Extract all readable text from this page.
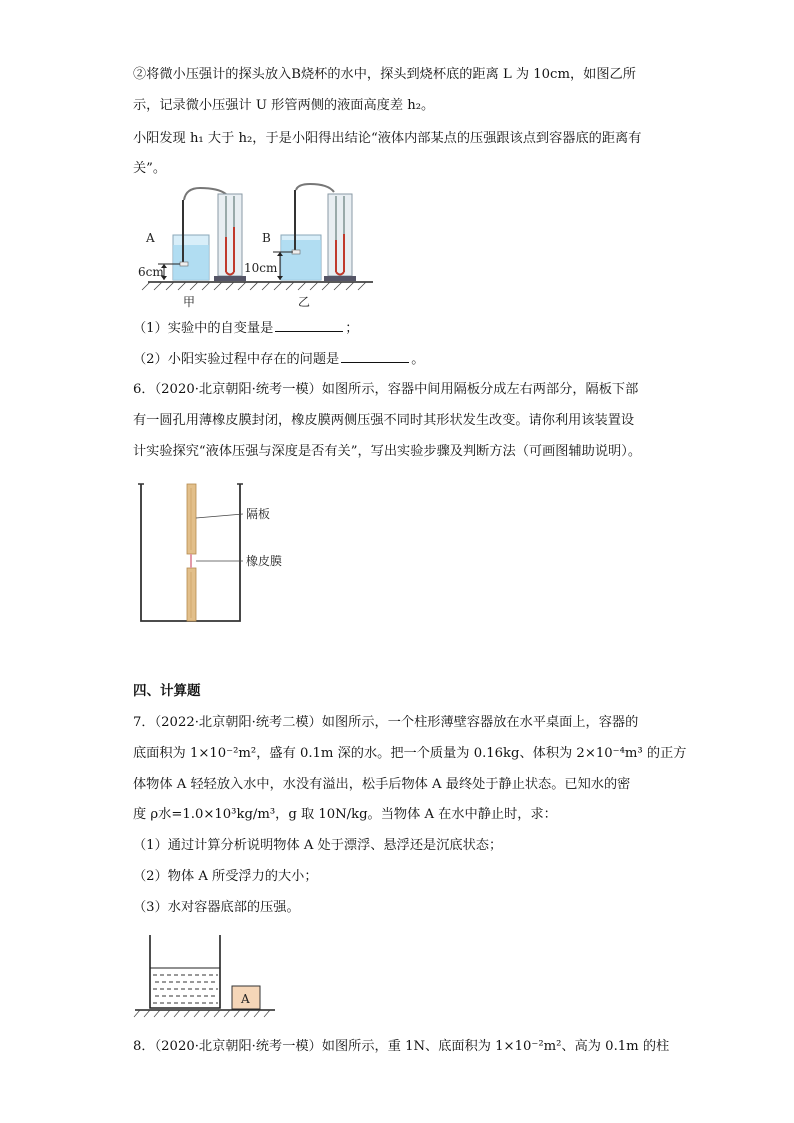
②将微小压强计的探头放入B烧杯的水中，探头到烧杯底的距离 L 为 10cm，如图乙所
示，记录微小压强计 U 形管两侧的液面高度差 h₂。
小阳发现 h₁ 大于 h₂，于是小阳得出结论“液体内部某点的压强跟该点到容器底的距离有
关”。
A
6cm
甲
B
10cm
乙
（1）实验中的自变量是	；
（2）小阳实验过程中存在的问题是	。
6．（2020·北京朝阳·统考一模）如图所示，容器中间用隔板分成左右两部分，隔板下部
有一圆孔用薄橡皮膜封闭，橡皮膜两侧压强不同时其形状发生改变。请你利用该装置设
计实验探究“液体压强与深度是否有关”，写出实验步骤及判断方法（可画图辅助说明）。
隔板
橡皮膜
四、计算题
7．（2022·北京朝阳·统考二模）如图所示，一个柱形薄壁容器放在水平桌面上，容器的
底面积为 1×10⁻²m²，盛有 0.1m 深的水。把一个质量为 0.16kg、体积为 2×10⁻⁴m³ 的正方
体物体 A 轻轻放入水中，水没有溢出，松手后物体 A 最终处于静止状态。已知水的密
度 ρ水=1.0×10³kg/m³，g 取 10N/kg。当物体 A 在水中静止时，求：
（1）通过计算分析说明物体 A 处于漂浮、悬浮还是沉底状态；
（2）物体 A 所受浮力的大小；
（3）水对容器底部的压强。
A
8．（2020·北京朝阳·统考一模）如图所示，重 1N、底面积为 1×10⁻²m²、高为 0.1m 的柱
